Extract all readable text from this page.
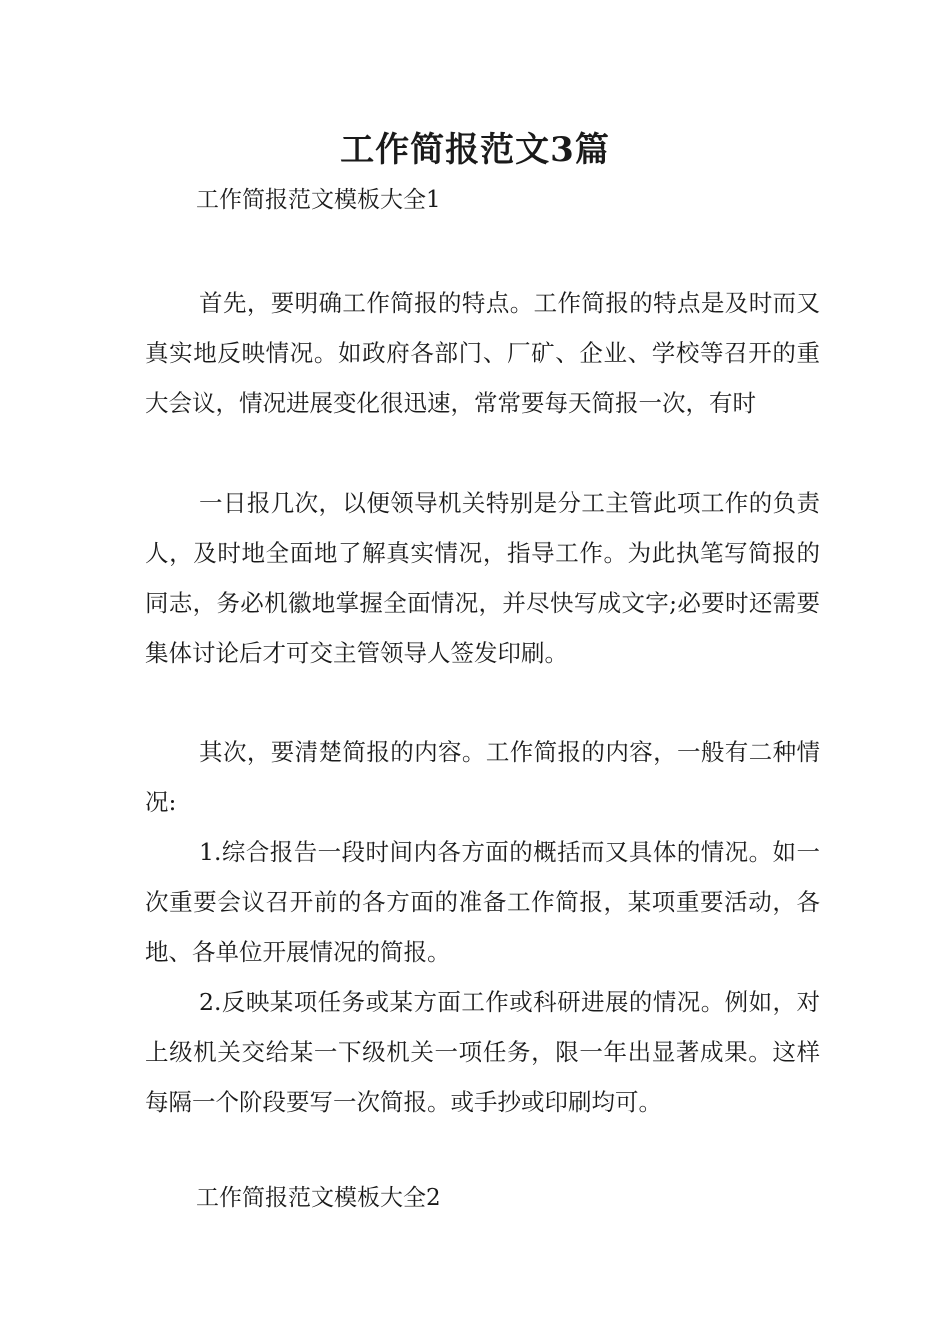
工作简报范文3篇

工作简报范文模板大全1

首先，要明确工作简报的特点。工作简报的特点是及时而又真实地反映情况。如政府各部门、厂矿、企业、学校等召开的重大会议，情况进展变化很迅速，常常要每天简报一次，有时

一日报几次，以便领导机关特别是分工主管此项工作的负责人，及时地全面地了解真实情况，指导工作。为此执笔写简报的同志，务必机徽地掌握全面情况，并尽快写成文字;必要时还需要集体讨论后才可交主管领导人签发印刷。

其次，要清楚简报的内容。工作简报的内容，一般有二种情况:

1.综合报告一段时间内各方面的概括而又具体的情况。如一次重要会议召开前的各方面的准备工作简报，某项重要活动，各地、各单位开展情况的简报。

2.反映某项任务或某方面工作或科研进展的情况。例如，对上级机关交给某一下级机关一项任务，限一年出显著成果。这样每隔一个阶段要写一次简报。或手抄或印刷均可。

工作简报范文模板大全2
